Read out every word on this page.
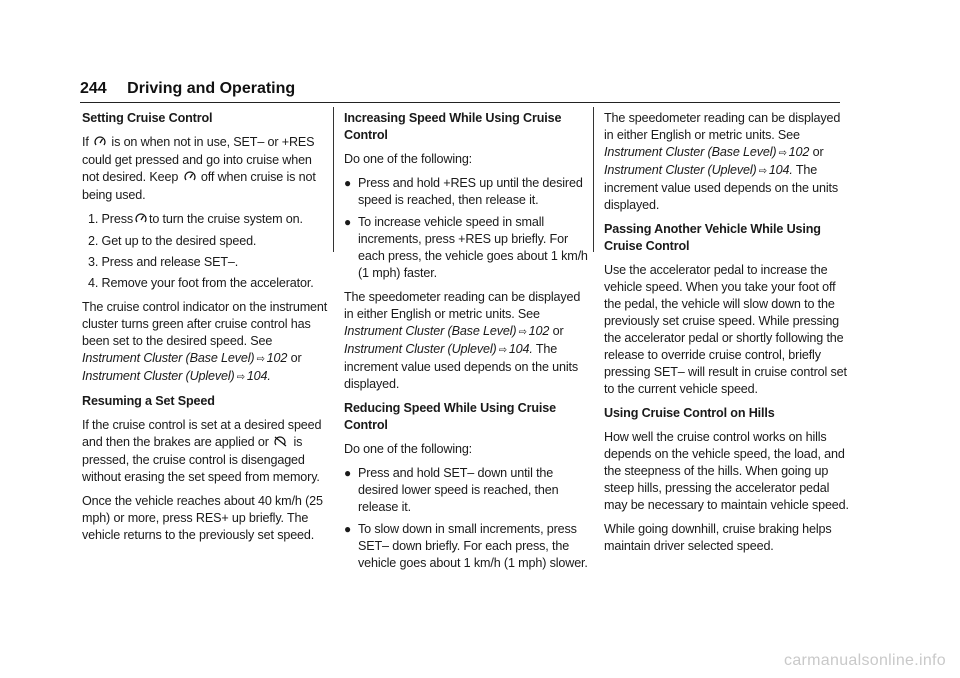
244 Driving and Operating

Setting Cruise Control

If is on when not in use, SET– or +RES could get pressed and go into cruise when not desired. Keep off when cruise is not being used.

1. Press to turn the cruise system on.
2. Get up to the desired speed.
3. Press and release SET–.
4. Remove your foot from the accelerator.

The cruise control indicator on the instrument cluster turns green after cruise control has been set to the desired speed. See Instrument Cluster (Base Level) ⇨ 102 or Instrument Cluster (Uplevel) ⇨ 104.

Resuming a Set Speed

If the cruise control is set at a desired speed and then the brakes are applied or is pressed, the cruise control is disengaged without erasing the set speed from memory.

Once the vehicle reaches about 40 km/h (25 mph) or more, press RES+ up briefly. The vehicle returns to the previously set speed.

Increasing Speed While Using Cruise Control

Do one of the following:

● Press and hold +RES up until the desired speed is reached, then release it.
● To increase vehicle speed in small increments, press +RES up briefly. For each press, the vehicle goes about 1 km/h (1 mph) faster.

The speedometer reading can be displayed in either English or metric units. See Instrument Cluster (Base Level) ⇨ 102 or Instrument Cluster (Uplevel) ⇨ 104. The increment value used depends on the units displayed.

Reducing Speed While Using Cruise Control

Do one of the following:

● Press and hold SET– down until the desired lower speed is reached, then release it.
● To slow down in small increments, press SET– down briefly. For each press, the vehicle goes about 1 km/h (1 mph) slower.

The speedometer reading can be displayed in either English or metric units. See Instrument Cluster (Base Level) ⇨ 102 or Instrument Cluster (Uplevel) ⇨ 104. The increment value used depends on the units displayed.

Passing Another Vehicle While Using Cruise Control

Use the accelerator pedal to increase the vehicle speed. When you take your foot off the pedal, the vehicle will slow down to the previously set cruise speed. While pressing the accelerator pedal or shortly following the release to override cruise control, briefly pressing SET– will result in cruise control set to the current vehicle speed.

Using Cruise Control on Hills

How well the cruise control works on hills depends on the vehicle speed, the load, and the steepness of the hills. When going up steep hills, pressing the accelerator pedal may be necessary to maintain vehicle speed.

While going downhill, cruise braking helps maintain driver selected speed.

carmanualsonline.info
